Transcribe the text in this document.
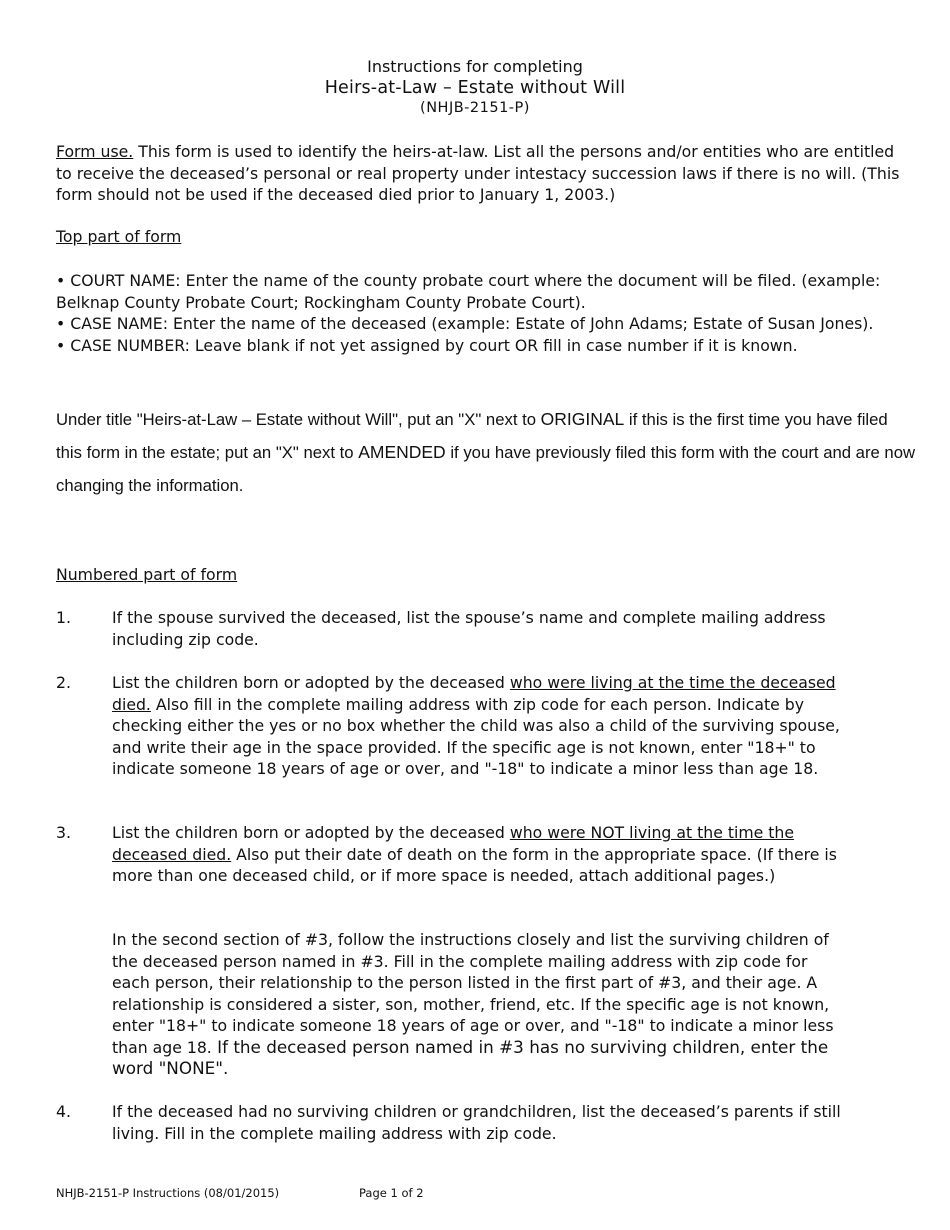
Instructions for completing
Heirs-at-Law – Estate without Will
(NHJB-2151-P)
Form use. This form is used to identify the heirs-at-law. List all the persons and/or entities who are entitled to receive the deceased’s personal or real property under intestacy succession laws if there is no will. (This form should not be used if the deceased died prior to January 1, 2003.)
Top part of form

• COURT NAME: Enter the name of the county probate court where the document will be filed. (example: Belknap County Probate Court; Rockingham County Probate Court).

• CASE NAME: Enter the name of the deceased (example: Estate of John Adams; Estate of Susan Jones).

• CASE NUMBER: Leave blank if not yet assigned by court OR fill in case number if it is known.

Under title "Heirs-at-Law – Estate without Will", put an "X" next to ORIGINAL if this is the first time you have filed this form in the estate; put an "X" next to AMENDED if you have previously filed this form with the court and are now changing the information.
Numbered part of form
1.	If the spouse survived the deceased, list the spouse’s name and complete mailing address including zip code.
2.	List the children born or adopted by the deceased who were living at the time the deceased died. Also fill in the complete mailing address with zip code for each person. Indicate by checking either the yes or no box whether the child was also a child of the surviving spouse, and write their age in the space provided. If the specific age is not known, enter "18+" to indicate someone 18 years of age or over, and "-18" to indicate a minor less than age 18.
3.	List the children born or adopted by the deceased who were NOT living at the time the deceased died. Also put their date of death on the form in the appropriate space. (If there is more than one deceased child, or if more space is needed, attach additional pages.)

In the second section of #3, follow the instructions closely and list the surviving children of the deceased person named in #3. Fill in the complete mailing address with zip code for each person, their relationship to the person listed in the first part of #3, and their age. A relationship is considered a sister, son, mother, friend, etc. If the specific age is not known, enter "18+" to indicate someone 18 years of age or over, and "-18" to indicate a minor less than age 18. If the deceased person named in #3 has no surviving children, enter the word "NONE".

4.	If the deceased had no surviving children or grandchildren, list the deceased’s parents if still living. Fill in the complete mailing address with zip code.
NHJB-2151-P Instructions (08/01/2015)	Page 1 of 2
